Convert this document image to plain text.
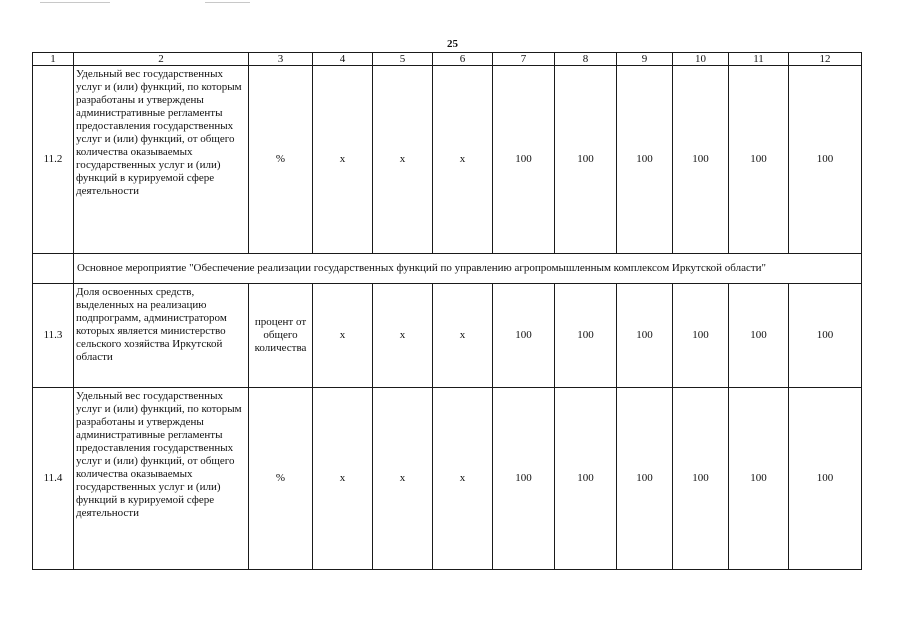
25
1	2	3	4	5	6	7	8	9	10	11	12
11.2	Удельный вес государственных услуг и (или) функций, по которым разработаны и утверждены административные регламенты предоставления государственных услуг и (или) функций, от общего количества оказываемых государственных услуг и (или) функций в курируемой сфере деятельности	%	x	x	x	100	100	100	100	100	100
	Основное мероприятие "Обеспечение реализации государственных функций по управлению агропромышленным комплексом Иркутской области"										
11.3	Доля освоенных средств, выделенных на реализацию подпрограмм, администратором которых является министерство сельского хозяйства Иркутской области	процент от общего количества	x	x	x	100	100	100	100	100	100
11.4	Удельный вес государственных услуг и (или) функций, по которым разработаны и утверждены административные регламенты предоставления государственных услуг и (или) функций, от общего количества оказываемых государственных услуг и (или) функций в курируемой сфере деятельности	%	x	x	x	100	100	100	100	100	100
